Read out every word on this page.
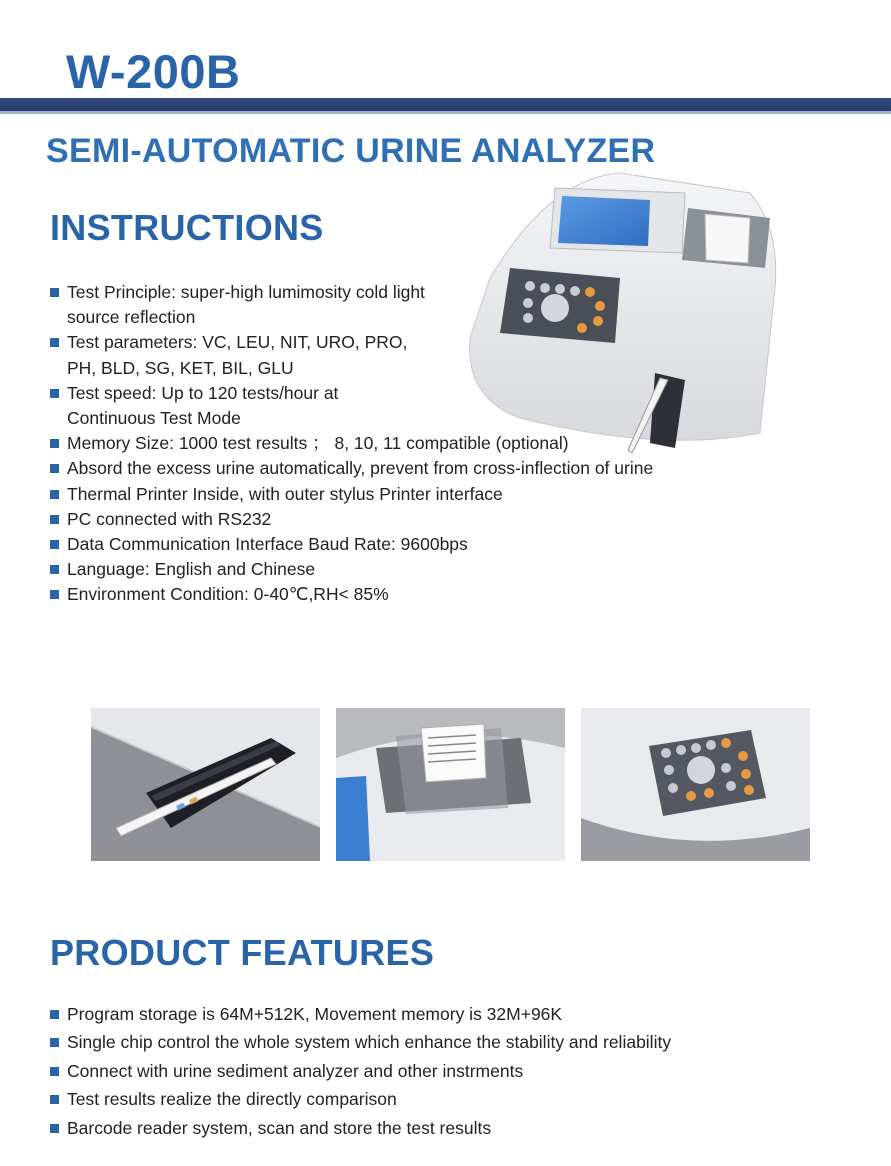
W-200B
SEMI-AUTOMATIC URINE ANALYZER
INSTRUCTIONS
Test Principle: super-high lumimosity cold light
source reflection
Test parameters: VC, LEU, NIT, URO, PRO,
PH, BLD, SG, KET, BIL, GLU
Test speed: Up to 120 tests/hour at
Continuous Test Mode
Memory Size: 1000 test results ； 8, 10, 11 compatible (optional)
Absord the excess urine automatically, prevent from cross-inflection of urine
Thermal Printer Inside, with outer stylus Printer interface
PC connected with RS232
Data Communication Interface Baud Rate: 9600bps
Language: English and Chinese
Environment Condition: 0-40℃,RH< 85%
PRODUCT FEATURES
Program storage is 64M+512K, Movement memory is 32M+96K
Single chip control the whole system which enhance the stability and reliability
Connect with urine sediment analyzer and other instrments
Test results realize the directly comparison
Barcode reader system, scan and store the test results
